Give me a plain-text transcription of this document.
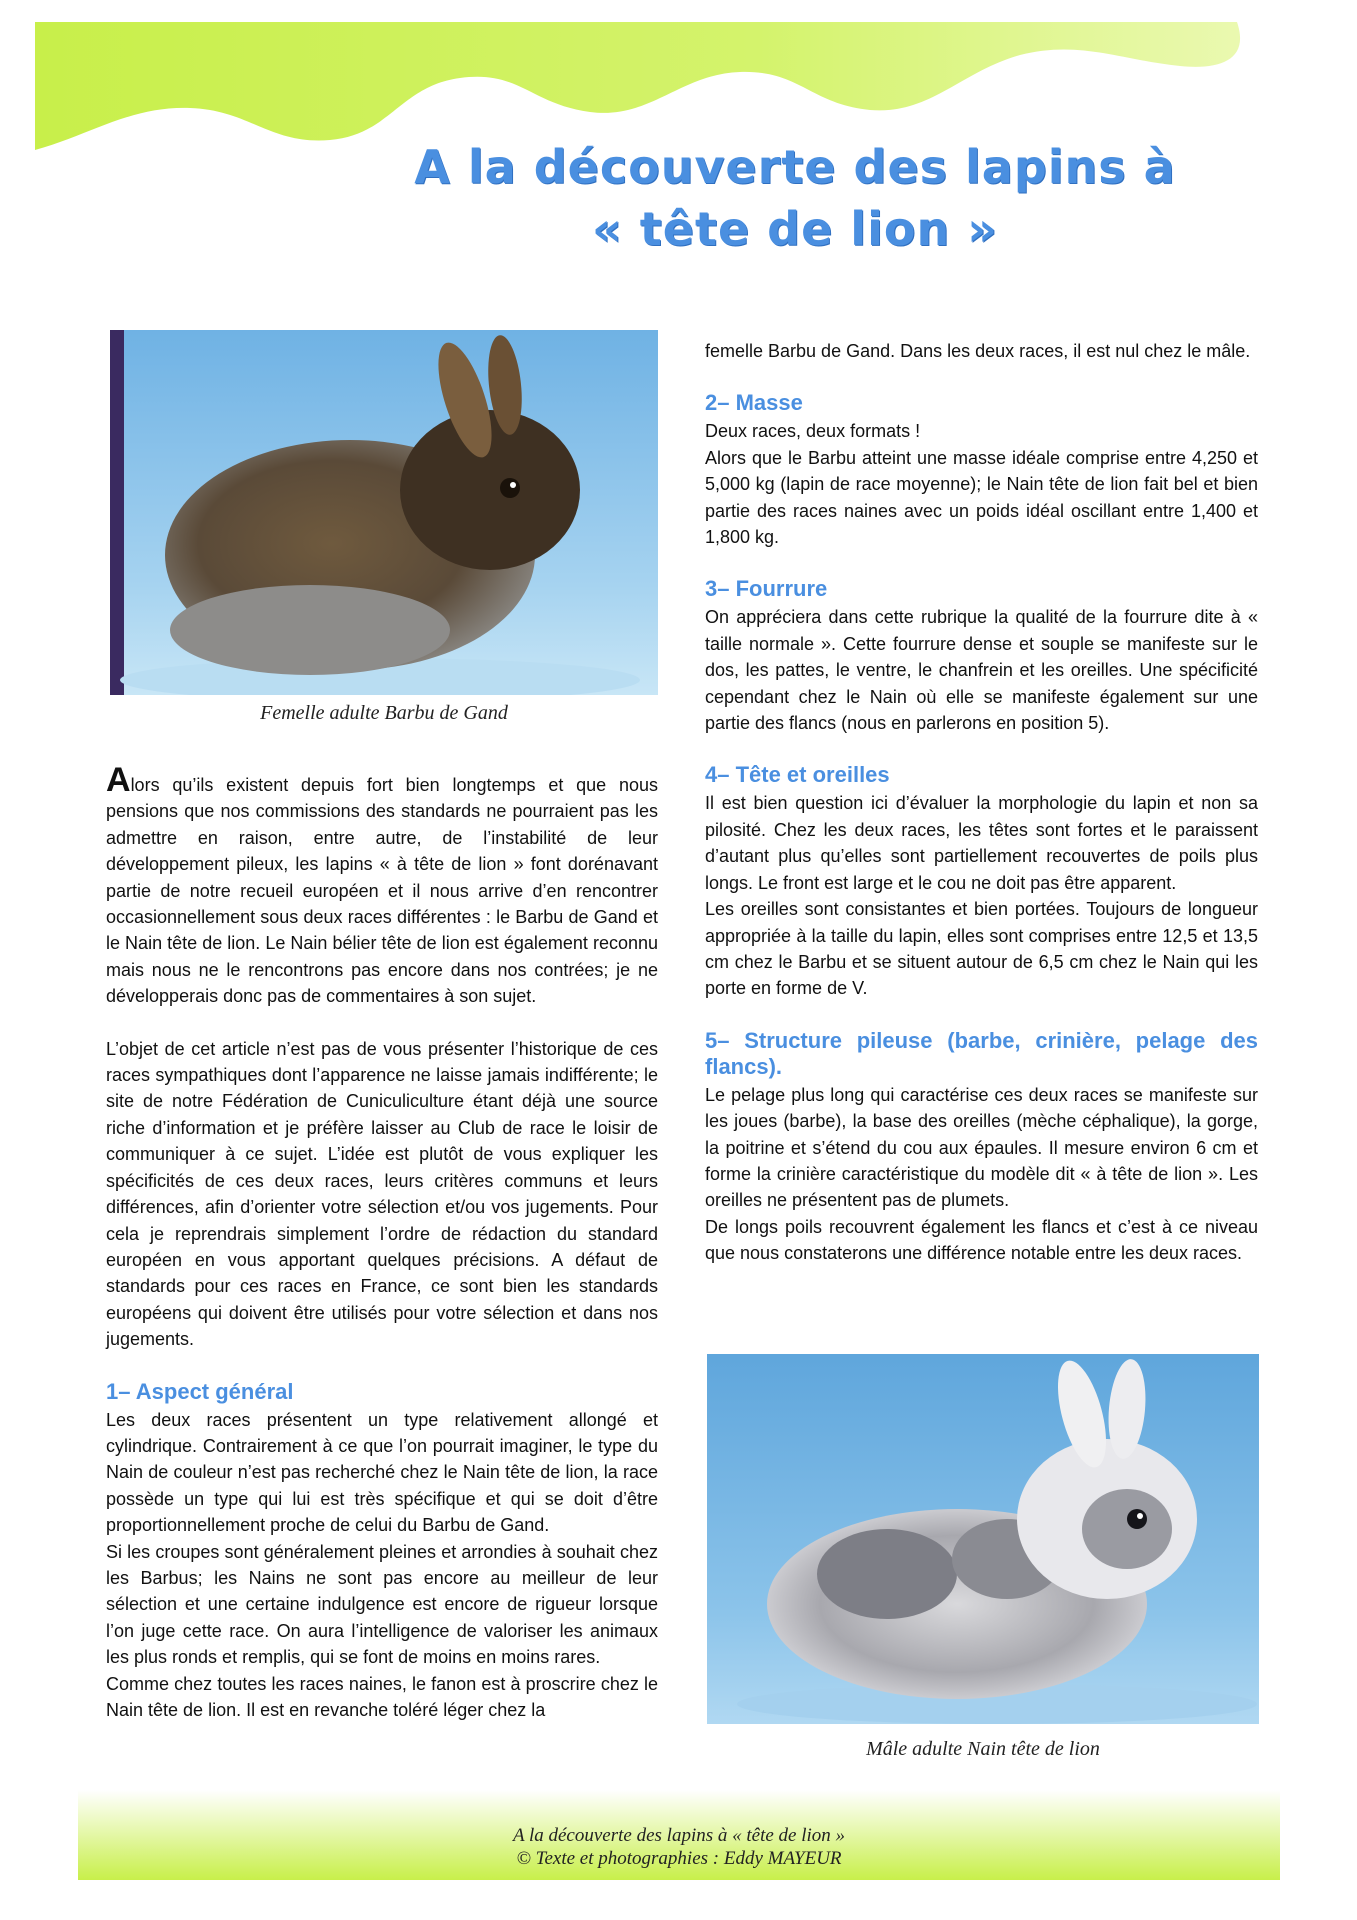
A la découverte des lapins à
« tête de lion »
Femelle adulte Barbu de Gand

Alors qu’ils existent depuis fort bien longtemps et que nous pensions que nos commissions des standards ne pourraient pas les admettre en raison, entre autre, de l’instabilité de leur développement pileux, les lapins « à tête de lion » font dorénavant partie de notre recueil européen et il nous arrive d’en rencontrer occasionnellement sous deux races différentes : le Barbu de Gand et le Nain tête de lion. Le Nain bélier tête de lion est également reconnu mais nous ne le rencontrons pas encore dans nos contrées; je ne développerais donc pas de commentaires à son sujet.

L’objet de cet article n’est pas de vous présenter l’historique de ces races sympathiques dont l’apparence ne laisse jamais indifférente; le site de notre Fédération de Cuniculiculture étant déjà une source riche d’information et je préfère laisser au Club de race le loisir de communiquer à ce sujet. L’idée est plutôt de vous expliquer les spécificités de ces deux races, leurs critères communs et leurs différences, afin d’orienter votre sélection et/ou vos jugements. Pour cela je reprendrais simplement l’ordre de rédaction du standard européen en vous apportant quelques précisions. A défaut de standards pour ces races en France, ce sont bien les standards européens qui doivent être utilisés pour votre sélection et dans nos jugements.

1– Aspect général

Les deux races présentent un type relativement allongé et cylindrique. Contrairement à ce que l’on pourrait imaginer, le type du Nain de couleur n’est pas recherché chez le Nain tête de lion, la race possède un type qui lui est très spécifique et qui se doit d’être proportionnellement proche de celui du Barbu de Gand.

Si les croupes sont généralement pleines et arrondies à souhait chez les Barbus; les Nains ne sont pas encore au meilleur de leur sélection et une certaine indulgence est encore de rigueur lorsque l’on juge cette race. On aura l’intelligence de valoriser les animaux les plus ronds et remplis, qui se font de moins en moins rares.

Comme chez toutes les races naines, le fanon est à proscrire chez le Nain tête de lion. Il est en revanche toléré léger chez la

femelle Barbu de Gand. Dans les deux races, il est nul chez le mâle.

2– Masse

Deux races, deux formats !

Alors que le Barbu atteint une masse idéale comprise entre 4,250 et 5,000 kg (lapin de race moyenne); le Nain tête de lion fait bel et bien partie des races naines avec un poids idéal oscillant entre 1,400 et 1,800 kg.

3– Fourrure

On appréciera dans cette rubrique la qualité de la fourrure dite à « taille normale ». Cette fourrure dense et souple se manifeste sur le dos, les pattes, le ventre, le chanfrein et les oreilles. Une spécificité cependant chez le Nain où elle se manifeste également sur une partie des flancs (nous en parlerons en position 5).

4– Tête et oreilles

Il est bien question ici d’évaluer la morphologie du lapin et non sa pilosité. Chez les deux races, les têtes sont fortes et le paraissent d’autant plus qu’elles sont partiellement recouvertes de poils plus longs. Le front est large et le cou ne doit pas être apparent.

Les oreilles sont consistantes et bien portées. Toujours de longueur appropriée à la taille du lapin, elles sont comprises entre 12,5 et 13,5 cm chez le Barbu et se situent autour de 6,5 cm chez le Nain qui les porte en forme de V.

5– Structure pileuse (barbe, crinière, pelage des flancs).

Le pelage plus long qui caractérise ces deux races se manifeste sur les joues (barbe), la base des oreilles (mèche céphalique), la gorge, la poitrine et s’étend du cou aux épaules. Il mesure environ 6 cm et forme la crinière caractéristique du modèle dit « à tête de lion ». Les oreilles ne présentent pas de plumets.

De longs poils recouvrent également les flancs et c’est à ce niveau que nous constaterons une différence notable entre les deux races.

Mâle adulte Nain tête de lion
A la découverte des lapins à « tête de lion »
© Texte et photographies : Eddy MAYEUR
